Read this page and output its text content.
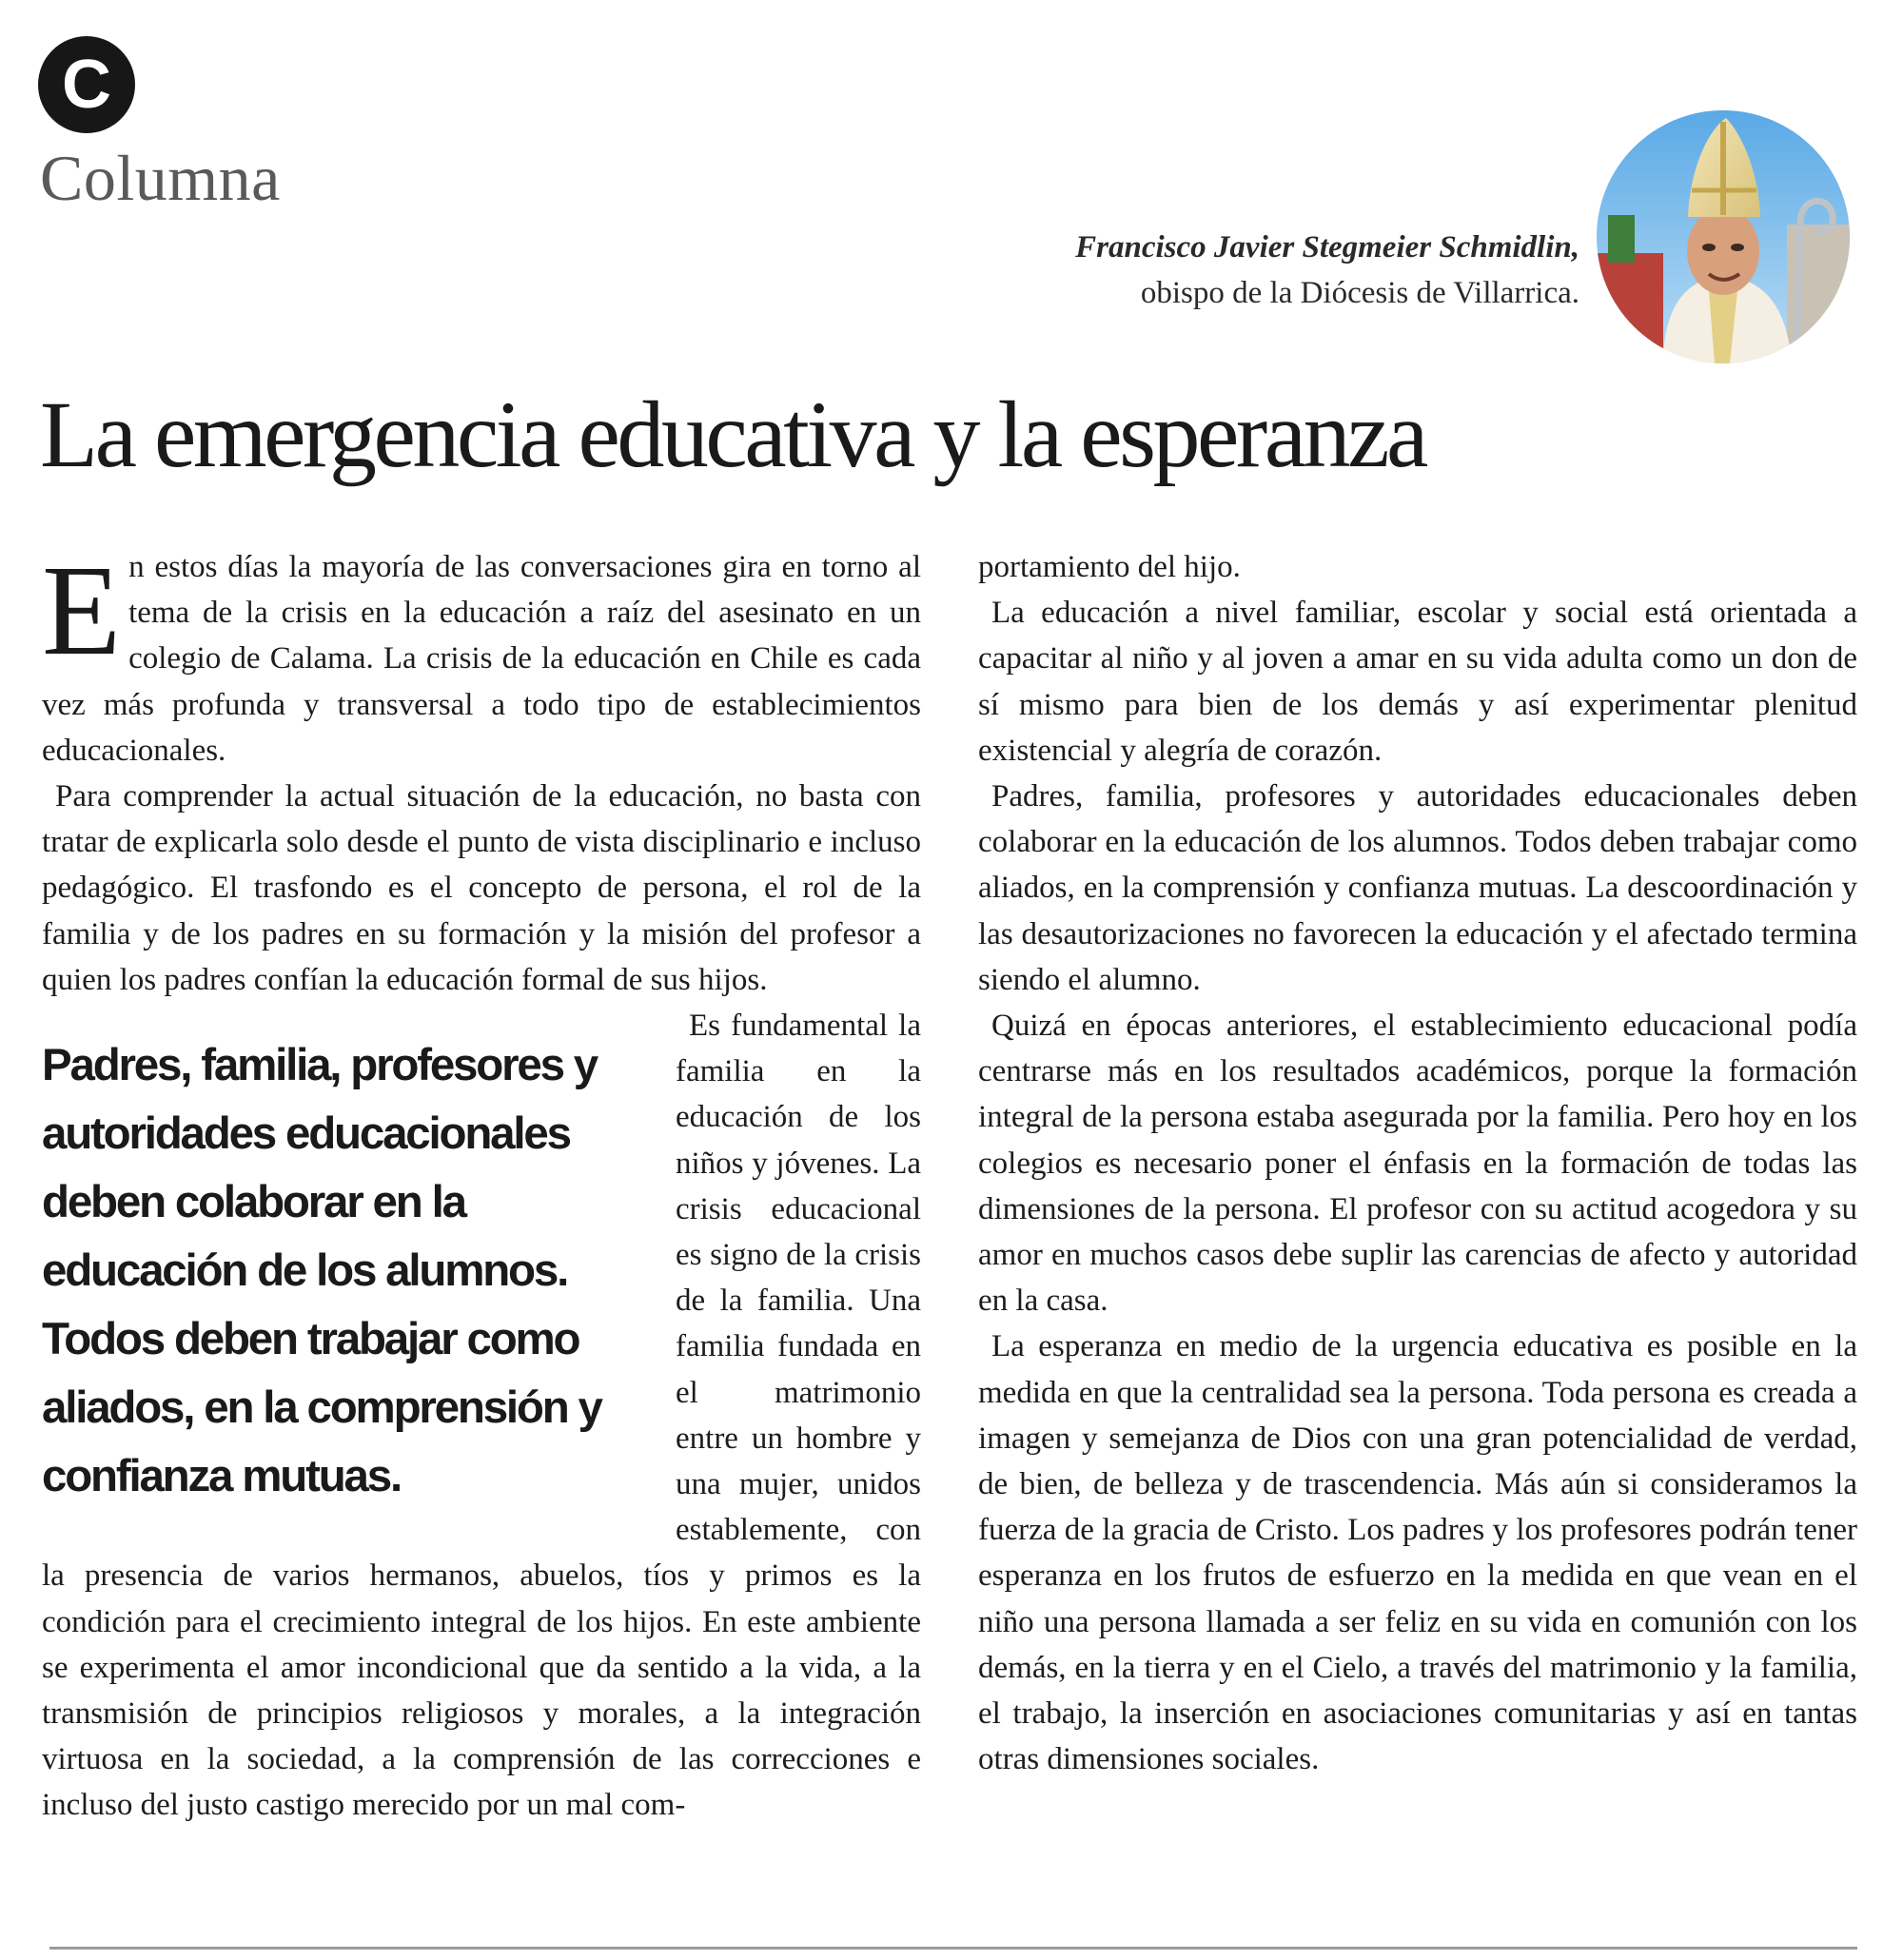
C
Columna
Francisco Javier Stegmeier Schmidlin,
obispo de la Diócesis de Villarrica.
La emergencia educativa y la esperanza

En estos días la mayoría de las conversaciones gira en torno al tema de la crisis en la educación a raíz del asesinato en un colegio de Calama. La crisis de la educación en Chile es cada vez más profunda y transversal a todo tipo de establecimientos educacionales.

Para comprender la actual situación de la educación, no basta con tratar de explicarla solo desde el punto de vista disciplinario e incluso pedagógico. El trasfondo es el concepto de persona, el rol de la familia y de los padres en su formación y la misión del profesor a quien los padres confían la educación formal de sus hijos.

Padres, familia, profesores y autoridades educacionales deben colaborar en la educación de los alumnos. Todos deben trabajar como aliados, en la comprensión y confianza mutuas.

Es fundamental la familia en la educación de los niños y jóvenes. La crisis educacional es signo de la crisis de la familia. Una familia fundada en el matrimonio entre un hombre y una mujer, unidos establemente, con la presencia de varios hermanos, abuelos, tíos y primos es la condición para el crecimiento integral de los hijos. En este ambiente se experimenta el amor incondicional que da sentido a la vida, a la transmisión de principios religiosos y morales, a la integración virtuosa en la sociedad, a la comprensión de las correcciones e incluso del justo castigo merecido por un mal com-

portamiento del hijo.

La educación a nivel familiar, escolar y social está orientada a capacitar al niño y al joven a amar en su vida adulta como un don de sí mismo para bien de los demás y así experimentar plenitud existencial y alegría de corazón.

Padres, familia, profesores y autoridades educacionales deben colaborar en la educación de los alumnos. Todos deben trabajar como aliados, en la comprensión y confianza mutuas. La descoordinación y las desautorizaciones no favorecen la educación y el afectado termina siendo el alumno.

Quizá en épocas anteriores, el establecimiento educacional podía centrarse más en los resultados académicos, porque la formación integral de la persona estaba asegurada por la familia. Pero hoy en los colegios es necesario poner el énfasis en la formación de todas las dimensiones de la persona. El profesor con su actitud acogedora y su amor en muchos casos debe suplir las carencias de afecto y autoridad en la casa.

La esperanza en medio de la urgencia educativa es posible en la medida en que la centralidad sea la persona. Toda persona es creada a imagen y semejanza de Dios con una gran potencialidad de verdad, de bien, de belleza y de trascendencia. Más aún si consideramos la fuerza de la gracia de Cristo. Los padres y los profesores podrán tener esperanza en los frutos de esfuerzo en la medida en que vean en el niño una persona llamada a ser feliz en su vida en comunión con los demás, en la tierra y en el Cielo, a través del matrimonio y la familia, el trabajo, la inserción en asociaciones comunitarias y así en tantas otras dimensiones sociales.
